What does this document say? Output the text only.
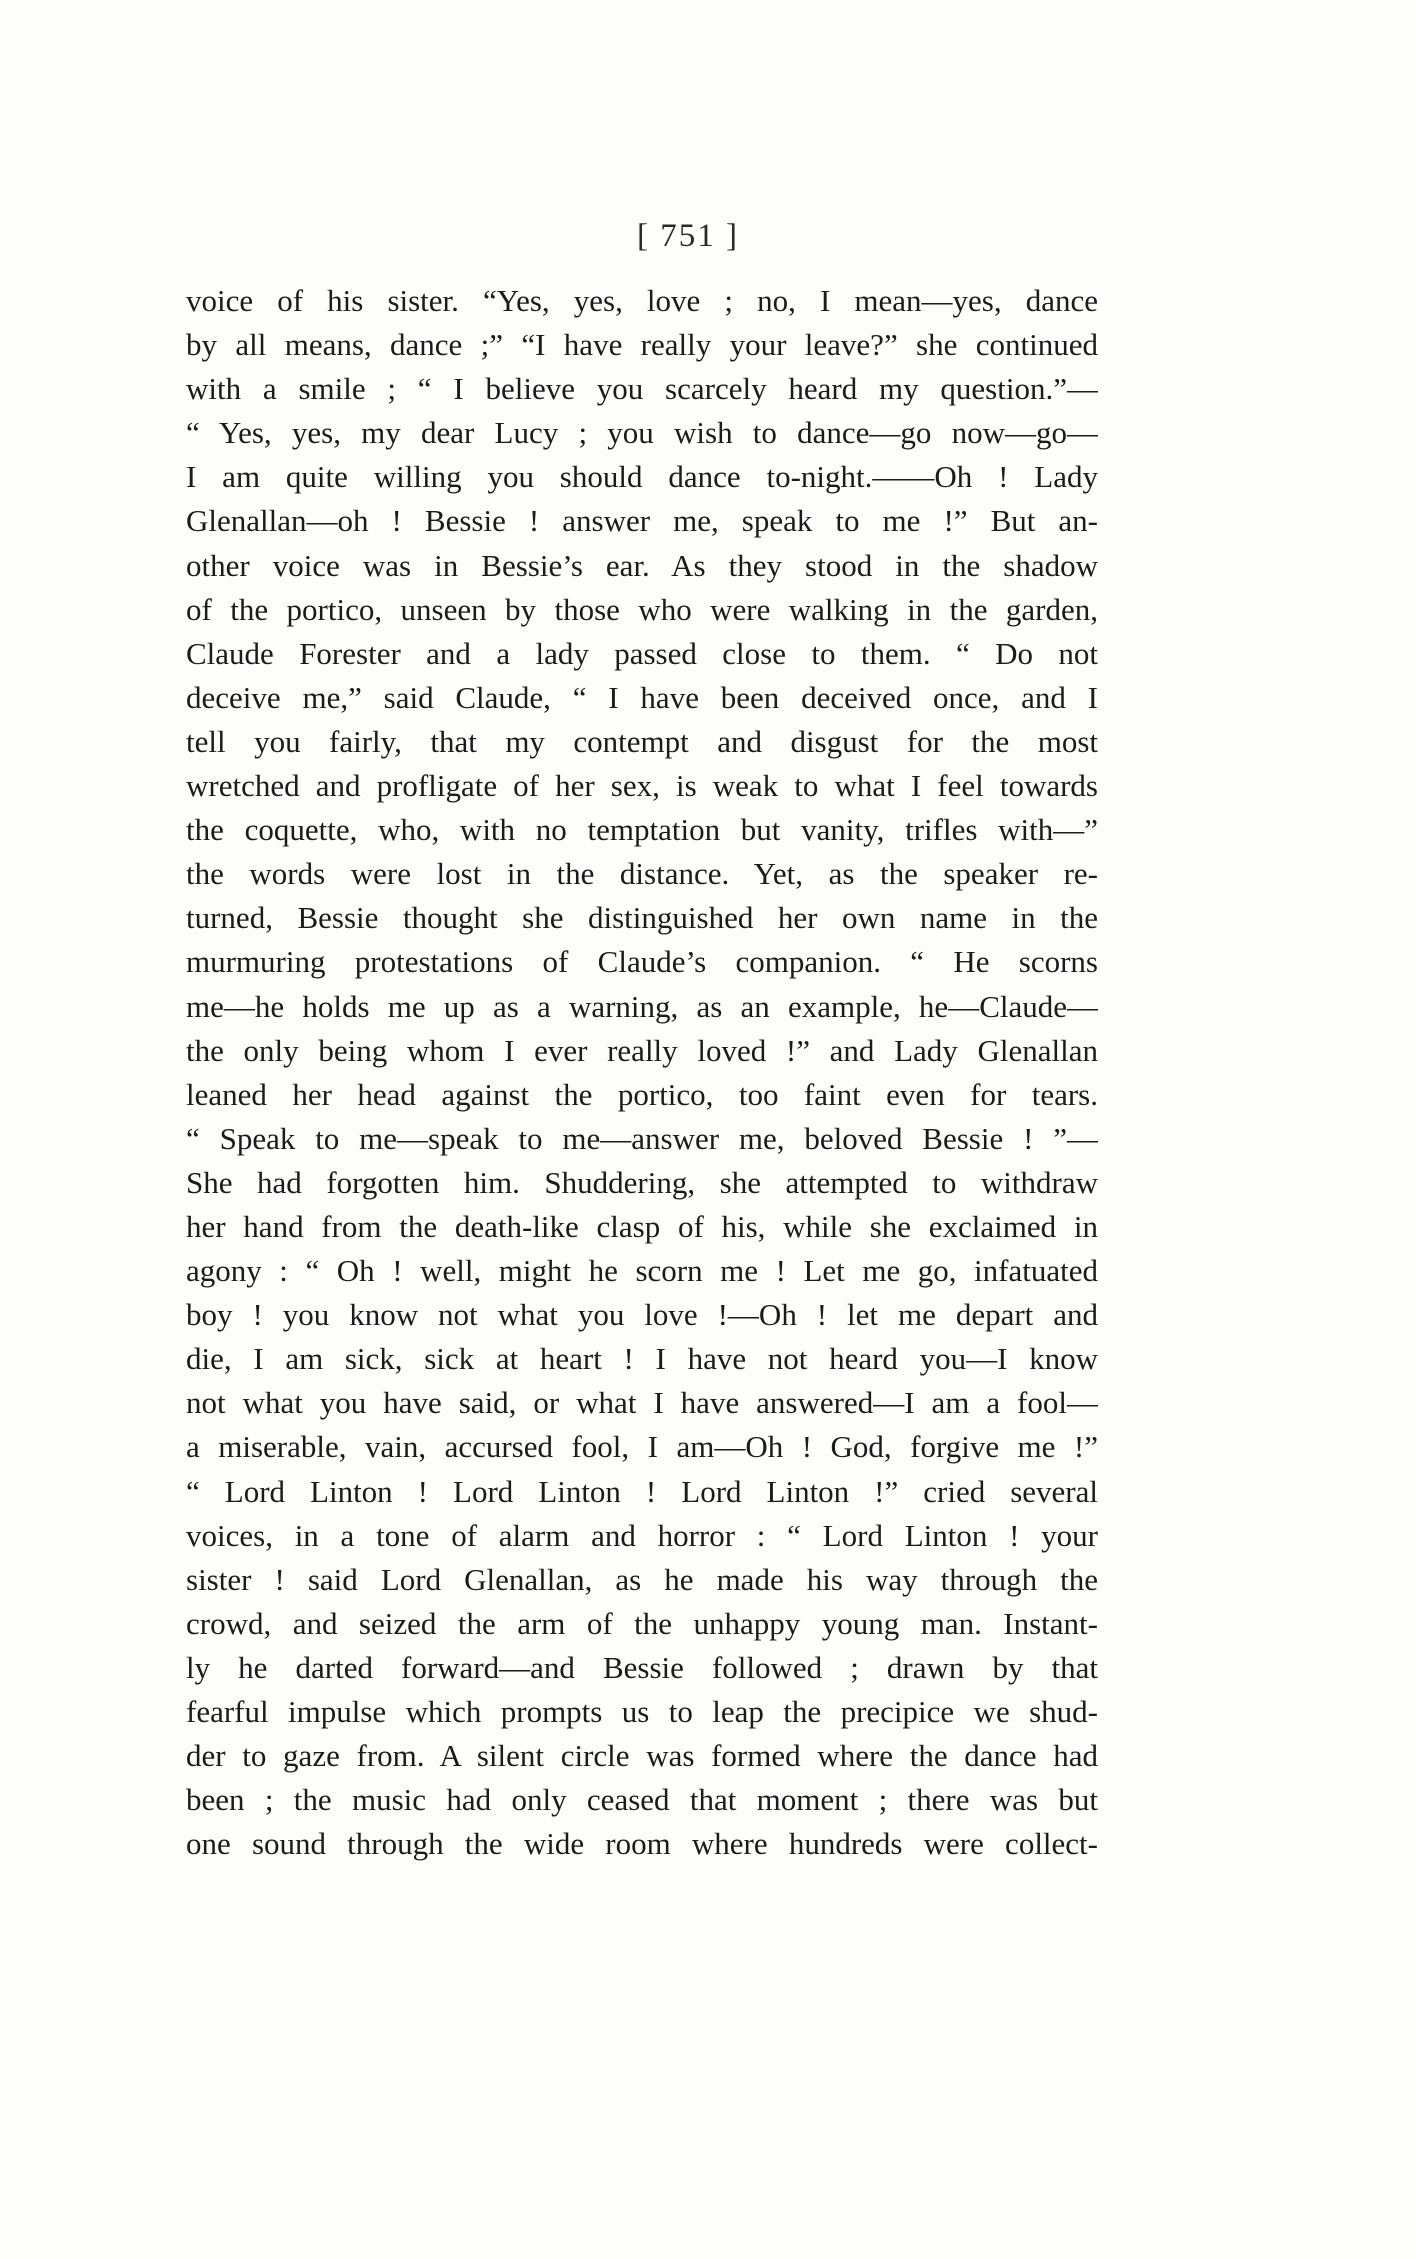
[ 751 ]
voice of his sister. “Yes, yes, love ; no, I mean—yes, dance
by all means, dance ;” “I have really your leave?” she continued
with a smile ; “ I believe you scarcely heard my question.”—
“ Yes, yes, my dear Lucy ; you wish to dance—go now—go—
I am quite willing you should dance to-night.——Oh ! Lady
Glenallan—oh ! Bessie ! answer me, speak to me !” But an-
other voice was in Bessie’s ear. As they stood in the shadow
of the portico, unseen by those who were walking in the garden,
Claude Forester and a lady passed close to them. “ Do not
deceive me,” said Claude, “ I have been deceived once, and I
tell you fairly, that my contempt and disgust for the most
wretched and profligate of her sex, is weak to what I feel towards
the coquette, who, with no temptation but vanity, trifles with—”
the words were lost in the distance. Yet, as the speaker re-
turned, Bessie thought she distinguished her own name in the
murmuring protestations of Claude’s companion. “ He scorns
me—he holds me up as a warning, as an example, he—Claude—
the only being whom I ever really loved !” and Lady Glenallan
leaned her head against the portico, too faint even for tears.
“ Speak to me—speak to me—answer me, beloved Bessie ! ”—
She had forgotten him. Shuddering, she attempted to withdraw
her hand from the death-like clasp of his, while she exclaimed in
agony : “ Oh ! well, might he scorn me ! Let me go, infatuated
boy ! you know not what you love !—Oh ! let me depart and
die, I am sick, sick at heart ! I have not heard you—I know
not what you have said, or what I have answered—I am a fool—
a miserable, vain, accursed fool, I am—Oh ! God, forgive me !”
“ Lord Linton ! Lord Linton ! Lord Linton !” cried several
voices, in a tone of alarm and horror : “ Lord Linton ! your
sister ! said Lord Glenallan, as he made his way through the
crowd, and seized the arm of the unhappy young man. Instant-
ly he darted forward—and Bessie followed ; drawn by that
fearful impulse which prompts us to leap the precipice we shud-
der to gaze from. A silent circle was formed where the dance had
been ; the music had only ceased that moment ; there was but
one sound through the wide room where hundreds were collect-
